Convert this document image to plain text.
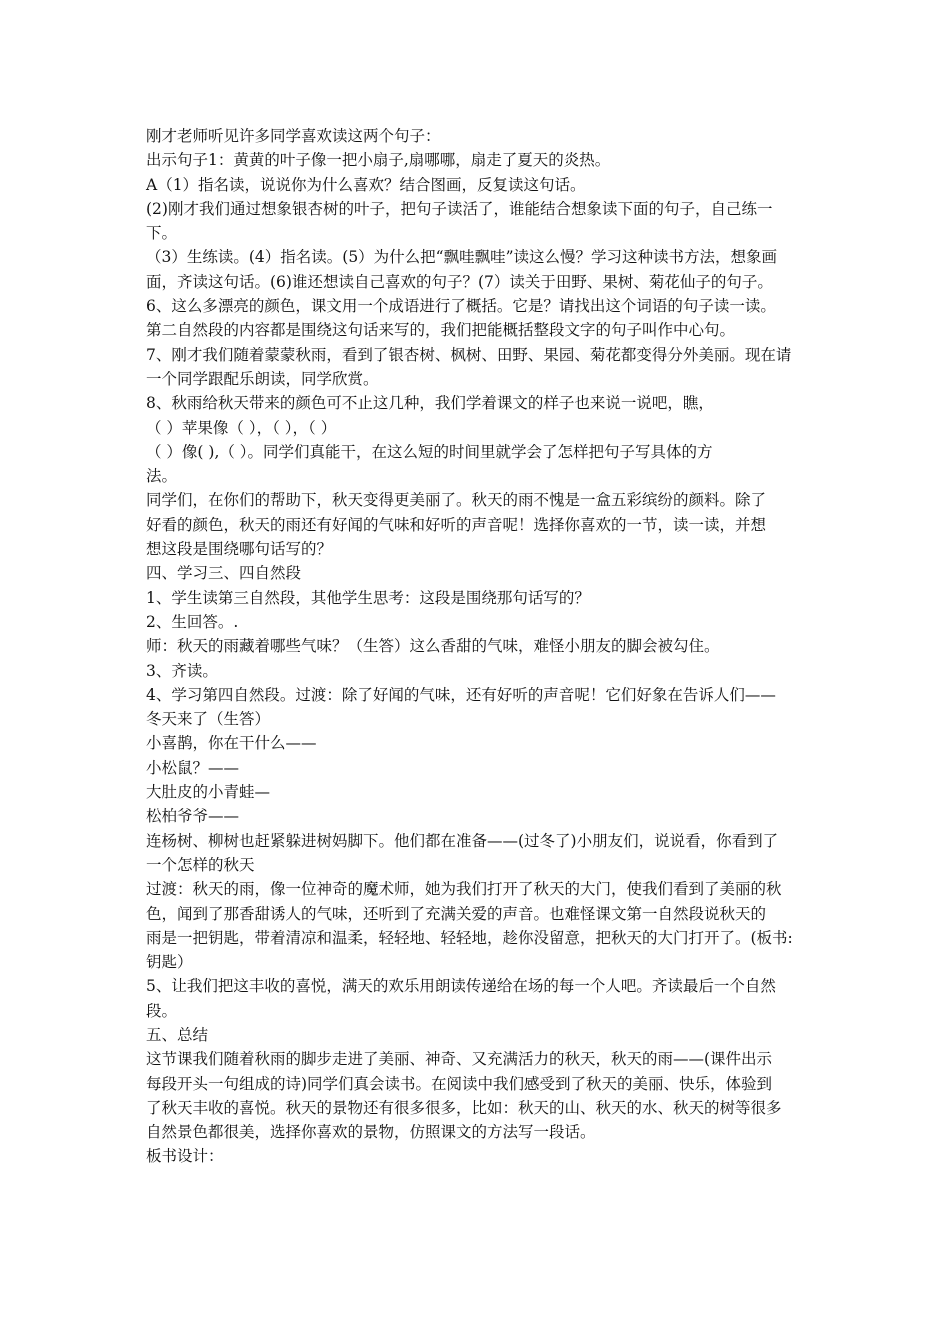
刚才老师听见许多同学喜欢读这两个句子：
出示句子1：黄黄的叶子像一把小扇子,扇哪哪，扇走了夏天的炎热。
A（1）指名读，说说你为什么喜欢？结合图画，反复读这句话。
(2)刚才我们通过想象银杏树的叶子，把句子读活了，谁能结合想象读下面的句子，自己练一
下。
（3）生练读。(4）指名读。(5）为什么把“飘哇飘哇”读这么慢？学习这种读书方法，想象画
面，齐读这句话。(6)谁还想读自己喜欢的句子？(7）读关于田野、果树、菊花仙子的句子。
6、这么多漂亮的颜色，课文用一个成语进行了概括。它是？请找出这个词语的句子读一读。
第二自然段的内容都是围绕这句话来写的，我们把能概括整段文字的句子叫作中心句。
7、刚才我们随着蒙蒙秋雨，看到了银杏树、枫树、田野、果园、菊花都变得分外美丽。现在请
一个同学跟配乐朗读，同学欣赏。
8、秋雨给秋天带来的颜色可不止这几种，我们学着课文的样子也来说一说吧，瞧，
（ ）苹果像（ ），（ ），（ ）
（ ）像( ),（ ）。同学们真能干，在这么短的时间里就学会了怎样把句子写具体的方
法。
同学们，在你们的帮助下，秋天变得更美丽了。秋天的雨不愧是一盒五彩缤纷的颜料。除了
好看的颜色，秋天的雨还有好闻的气味和好听的声音呢！选择你喜欢的一节，读一读，并想
想这段是围绕哪句话写的？
四、学习三、四自然段
1、学生读第三自然段，其他学生思考：这段是围绕那句话写的？
2、生回答。.
师：秋天的雨藏着哪些气味？（生答）这么香甜的气味，难怪小朋友的脚会被勾住。
3、齐读。
4、学习第四自然段。过渡：除了好闻的气味，还有好听的声音呢！它们好象在告诉人们——
冬天来了（生答）
小喜鹊，你在干什么——
小松鼠？——
大肚皮的小青蛙—
松柏爷爷——
连杨树、柳树也赶紧躲进树妈脚下。他们都在准备——(过冬了)小朋友们，说说看，你看到了
一个怎样的秋天
过渡：秋天的雨，像一位神奇的魔术师，她为我们打开了秋天的大门，使我们看到了美丽的秋
色，闻到了那香甜诱人的气味，还听到了充满关爱的声音。也难怪课文第一自然段说秋天的
雨是一把钥匙，带着清凉和温柔，轻轻地、轻轻地，趁你没留意，把秋天的大门打开了。(板书:
钥匙）
5、让我们把这丰收的喜悦，满天的欢乐用朗读传递给在场的每一个人吧。齐读最后一个自然
段。
五、总结
这节课我们随着秋雨的脚步走进了美丽、神奇、又充满活力的秋天，秋天的雨——(课件出示
每段开头一句组成的诗)同学们真会读书。在阅读中我们感受到了秋天的美丽、快乐，体验到
了秋天丰收的喜悦。秋天的景物还有很多很多，比如：秋天的山、秋天的水、秋天的树等很多
自然景色都很美，选择你喜欢的景物，仿照课文的方法写一段话。
板书设计：
